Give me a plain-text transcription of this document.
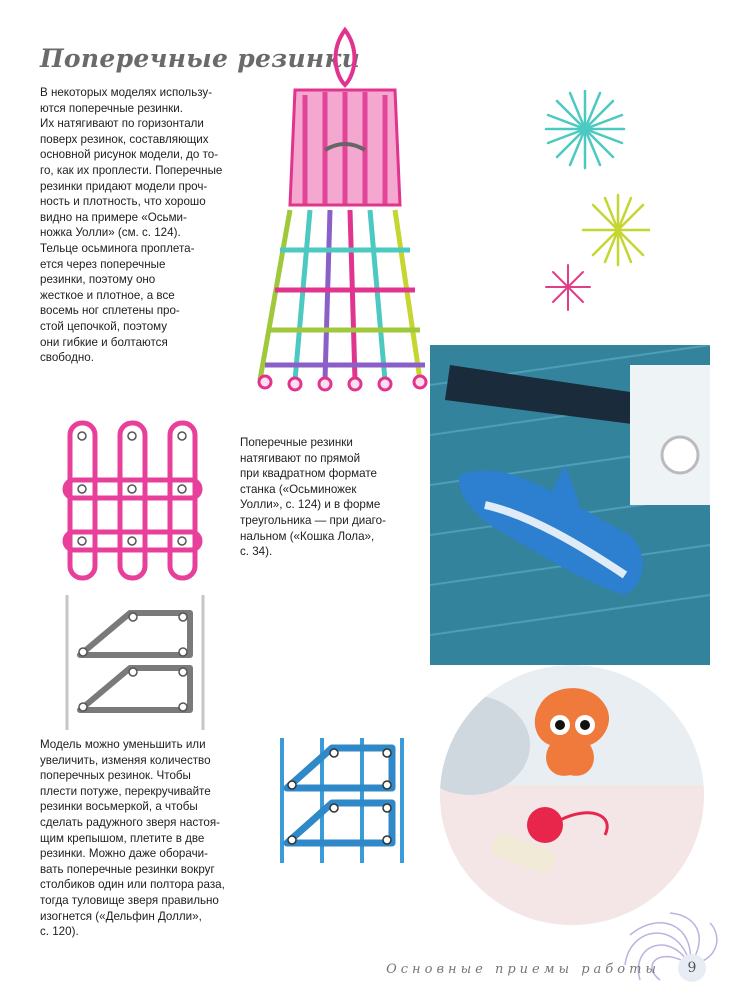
Поперечные резинки
В некоторых моделях использу-
ются поперечные резинки.
Их натягивают по горизонтали
поверх резинок, составляющих
основной рисунок модели, до то-
го, как их проплести. Поперечные
резинки придают модели проч-
ность и плотность, что хорошо
видно на примере «Осьми-
ножка Уолли» (см. с. 124).
Тельце осьминога проплета-
ется через поперечные
резинки, поэтому оно
жесткое и плотное, а все
восемь ног сплетены про-
стой цепочкой, поэтому
они гибкие и болтаются
свободно.
Поперечные резинки
натягивают по прямой
при квадратном формате
станка («Осьминожек
Уолли», с. 124) и в форме
треугольника — при диаго-
нальном («Кошка Лола»,
с. 34).
Модель можно уменьшить или
увеличить, изменяя количество
поперечных резинок. Чтобы
плести потуже, перекручивайте
резинки восьмеркой, а чтобы
сделать радужного зверя настоя-
щим крепышом, плетите в две
резинки. Можно даже оборачи-
вать поперечные резинки вокруг
столбиков один или полтора раза,
тогда туловище зверя правильно
изогнется («Дельфин Долли»,
с. 120).
Основные приемы работы	9
